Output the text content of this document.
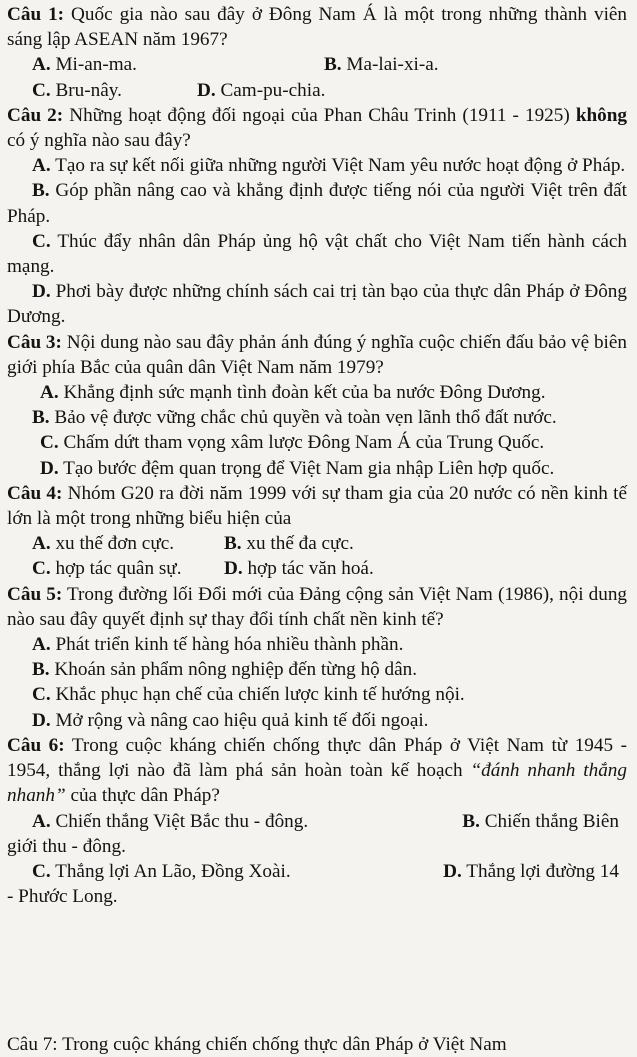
Câu 1: Quốc gia nào sau đây ở Đông Nam Á là một trong những thành viên sáng lập ASEAN năm 1967?

A. Mi-an-ma.	B. Ma-lai-xi-a.
C. Bru-nây.	D. Cam-pu-chia.

Câu 2: Những hoạt động đối ngoại của Phan Châu Trinh (1911 - 1925) không có ý nghĩa nào sau đây?

A. Tạo ra sự kết nối giữa những người Việt Nam yêu nước hoạt động ở Pháp.

B. Góp phần nâng cao và khẳng định được tiếng nói của người Việt trên đất Pháp.

C. Thúc đẩy nhân dân Pháp ủng hộ vật chất cho Việt Nam tiến hành cách mạng.

D. Phơi bày được những chính sách cai trị tàn bạo của thực dân Pháp ở Đông Dương.

Câu 3: Nội dung nào sau đây phản ánh đúng ý nghĩa cuộc chiến đấu bảo vệ biên giới phía Bắc của quân dân Việt Nam năm 1979?

A. Khẳng định sức mạnh tình đoàn kết của ba nước Đông Dương.

B. Bảo vệ được vững chắc chủ quyền và toàn vẹn lãnh thổ đất nước.

C. Chấm dứt tham vọng xâm lược Đông Nam Á của Trung Quốc.

D. Tạo bước đệm quan trọng để Việt Nam gia nhập Liên hợp quốc.

Câu 4: Nhóm G20 ra đời năm 1999 với sự tham gia của 20 nước có nền kinh tế lớn là một trong những biểu hiện của

A. xu thế đơn cực.	B. xu thế đa cực.
C. hợp tác quân sự.	D. hợp tác văn hoá.

Câu 5: Trong đường lối Đổi mới của Đảng cộng sản Việt Nam (1986), nội dung nào sau đây quyết định sự thay đổi tính chất nền kinh tế?

A. Phát triển kinh tế hàng hóa nhiều thành phần.

B. Khoán sản phẩm nông nghiệp đến từng hộ dân.

C. Khắc phục hạn chế của chiến lược kinh tế hướng nội.

D. Mở rộng và nâng cao hiệu quả kinh tế đối ngoại.

Câu 6: Trong cuộc kháng chiến chống thực dân Pháp ở Việt Nam từ 1945 - 1954, thắng lợi nào đã làm phá sản hoàn toàn kế hoạch “đánh nhanh thắng nhanh” của thực dân Pháp?

A. Chiến thắng Việt Bắc thu - đông.	B. Chiến thắng Biên

giới thu - đông.

C. Thắng lợi An Lão, Đồng Xoài.	D. Thắng lợi đường 14

- Phước Long.

Câu 7: Trong cuộc kháng chiến chống thực dân Pháp ở Việt Nam
